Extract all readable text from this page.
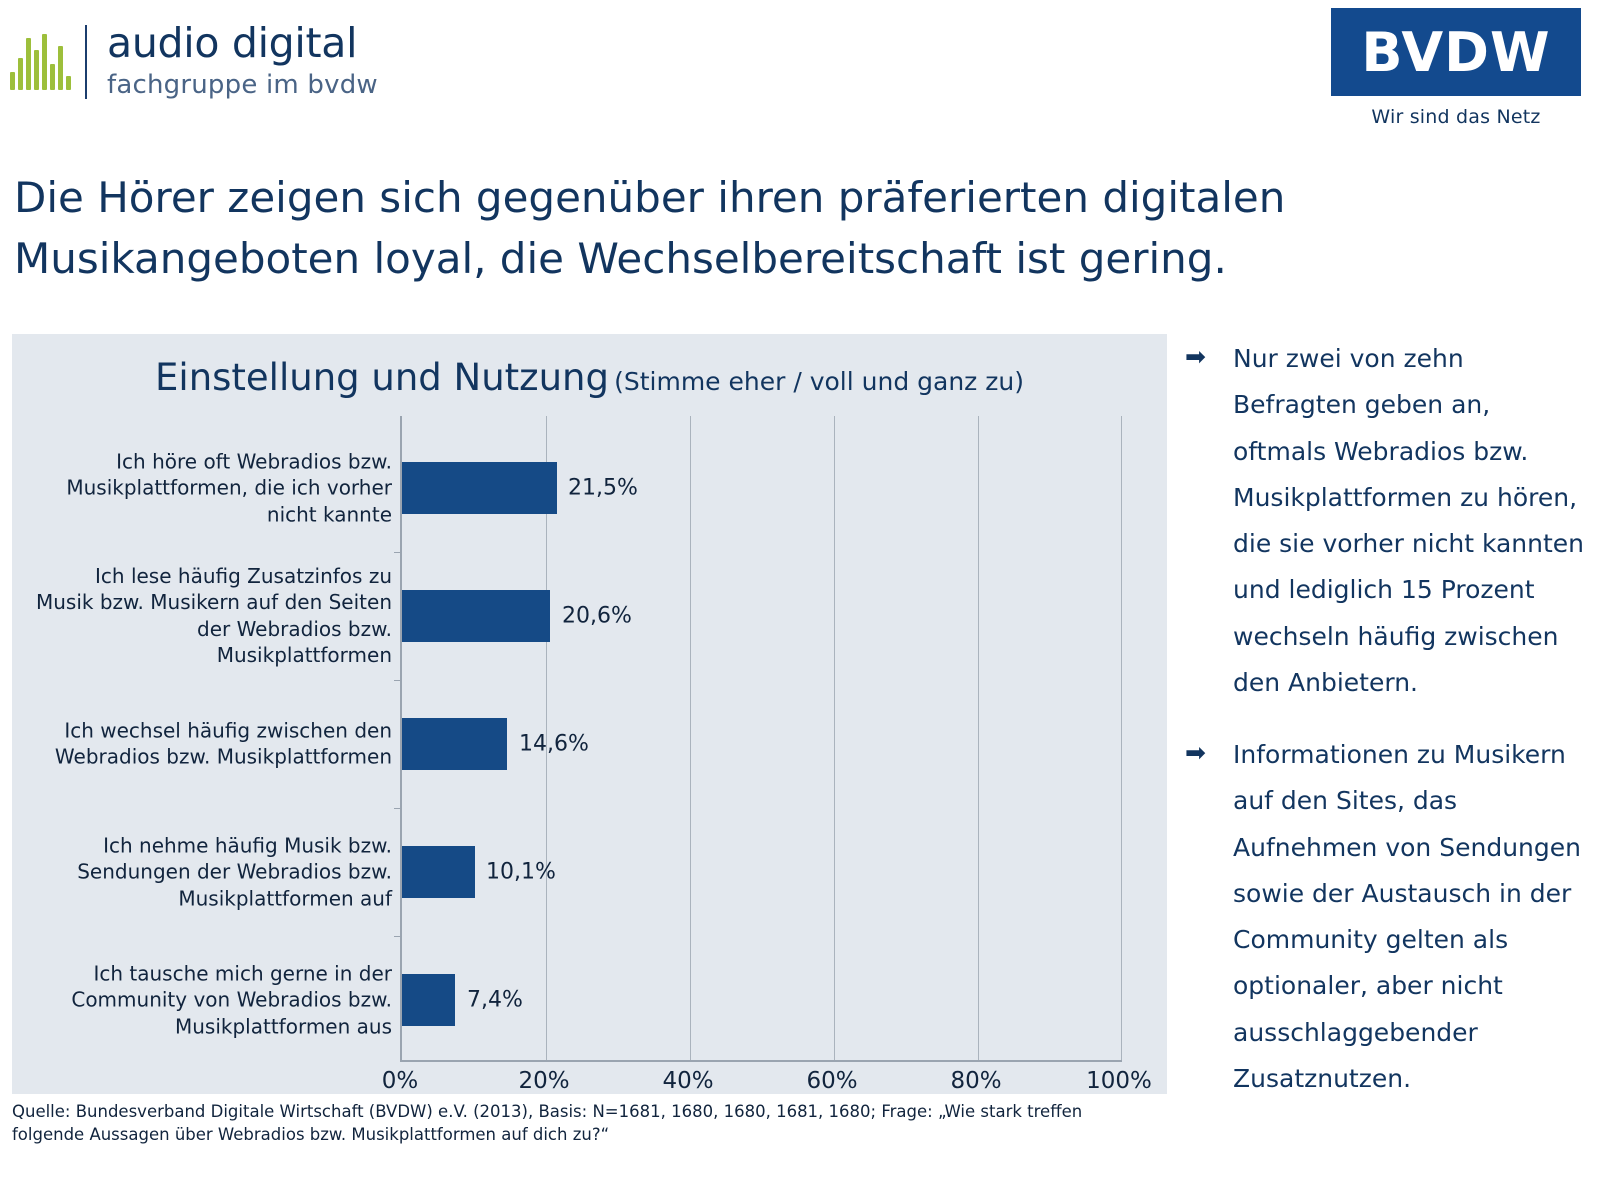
audio digital
fachgruppe im bvdw
BVDW
Wir sind das Netz
Die Hörer zeigen sich gegenüber ihren präferierten digitalen Musikangeboten loyal, die Wechselbereitschaft ist gering.
Einstellung und Nutzung (Stimme eher / voll und ganz zu)
Ich höre oft Webradios bzw. Musikplattformen, die ich vorher nicht kannte
Ich lese häufig Zusatzinfos zu Musik bzw. Musikern auf den Seiten der Webradios bzw. Musikplattformen
Ich wechsel häufig zwischen den Webradios bzw. Musikplattformen
Ich nehme häufig Musik bzw. Sendungen der Webradios bzw. Musikplattformen auf
Ich tausche mich gerne in der Community von Webradios bzw. Musikplattformen aus
21,5%
20,6%
14,6%
10,1%
7,4%
0%	20%	40%	60%	80%	100%
Quelle: Bundesverband Digitale Wirtschaft (BVDW) e.V. (2013), Basis: N=1681, 1680, 1680, 1681, 1680; Frage: „Wie stark treffen folgende Aussagen über Webradios bzw. Musikplattformen auf dich zu?“
➡ Nur zwei von zehn Befragten geben an, oftmals Webradios bzw. Musikplattformen zu hören, die sie vorher nicht kannten und lediglich 15 Prozent wechseln häufig zwischen den Anbietern.
➡ Informationen zu Musikern auf den Sites, das Aufnehmen von Sendungen sowie der Austausch in der Community gelten als optionaler, aber nicht ausschlaggebender Zusatznutzen.
